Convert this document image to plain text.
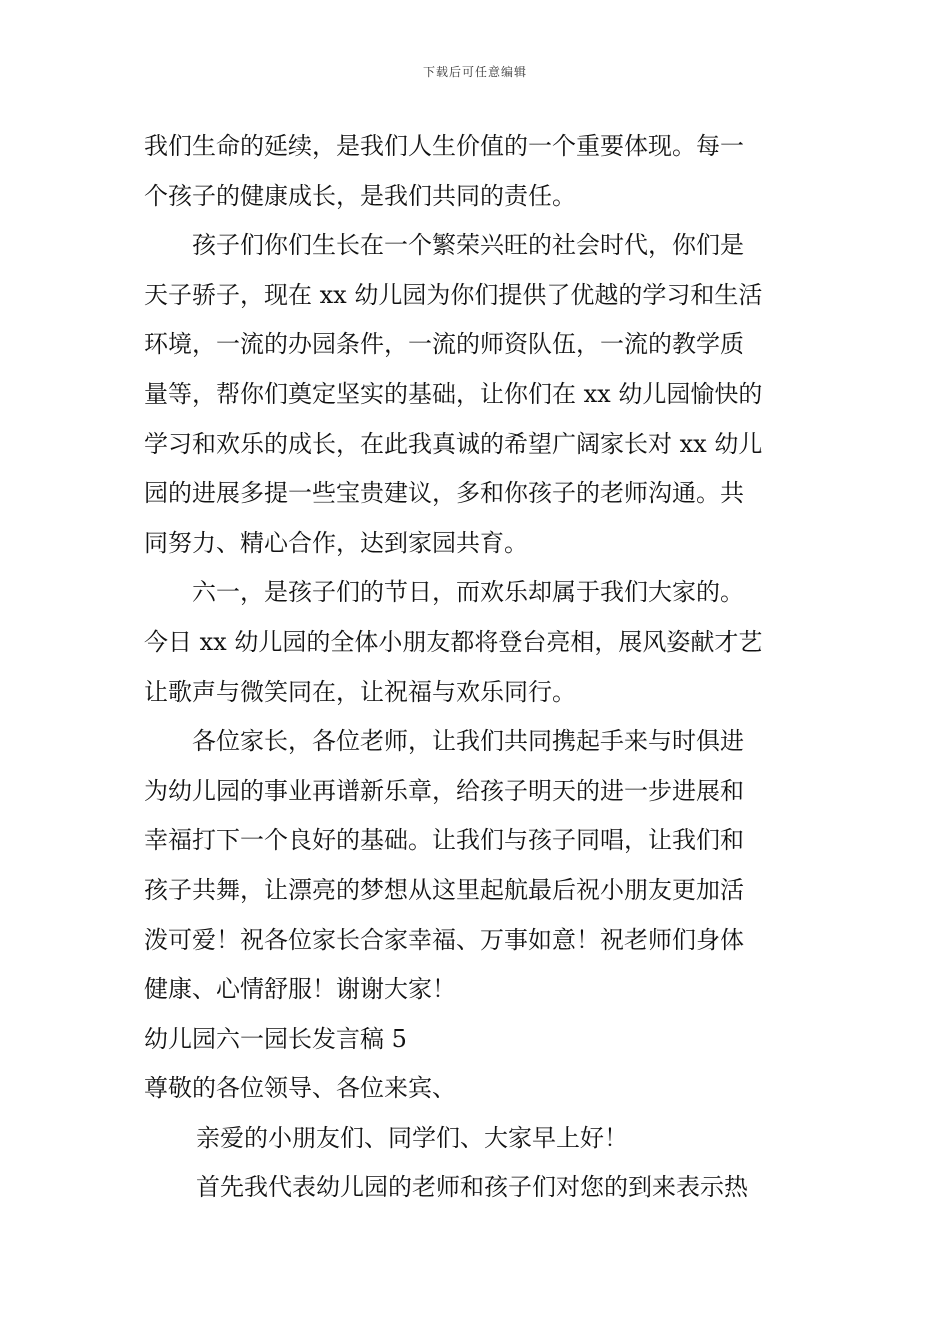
下载后可任意编辑
我们生命的延续，是我们人生价值的一个重要体现。每一
个孩子的健康成长，是我们共同的责任。
孩子们你们生长在一个繁荣兴旺的社会时代，你们是
天子骄子，现在 xx 幼儿园为你们提供了优越的学习和生活
环境，一流的办园条件，一流的师资队伍，一流的教学质
量等，帮你们奠定坚实的基础，让你们在 xx 幼儿园愉快的
学习和欢乐的成长，在此我真诚的希望广阔家长对 xx 幼儿
园的进展多提一些宝贵建议，多和你孩子的老师沟通。共
同努力、精心合作，达到家园共育。
六一，是孩子们的节日，而欢乐却属于我们大家的。
今日 xx 幼儿园的全体小朋友都将登台亮相，展风姿献才艺
让歌声与微笑同在，让祝福与欢乐同行。
各位家长，各位老师，让我们共同携起手来与时俱进
为幼儿园的事业再谱新乐章，给孩子明天的进一步进展和
幸福打下一个良好的基础。让我们与孩子同唱，让我们和
孩子共舞，让漂亮的梦想从这里起航最后祝小朋友更加活
泼可爱！祝各位家长合家幸福、万事如意！祝老师们身体
健康、心情舒服！谢谢大家！
幼儿园六一园长发言稿 5
尊敬的各位领导、各位来宾、
亲爱的小朋友们、同学们、大家早上好！
首先我代表幼儿园的老师和孩子们对您的到来表示热
